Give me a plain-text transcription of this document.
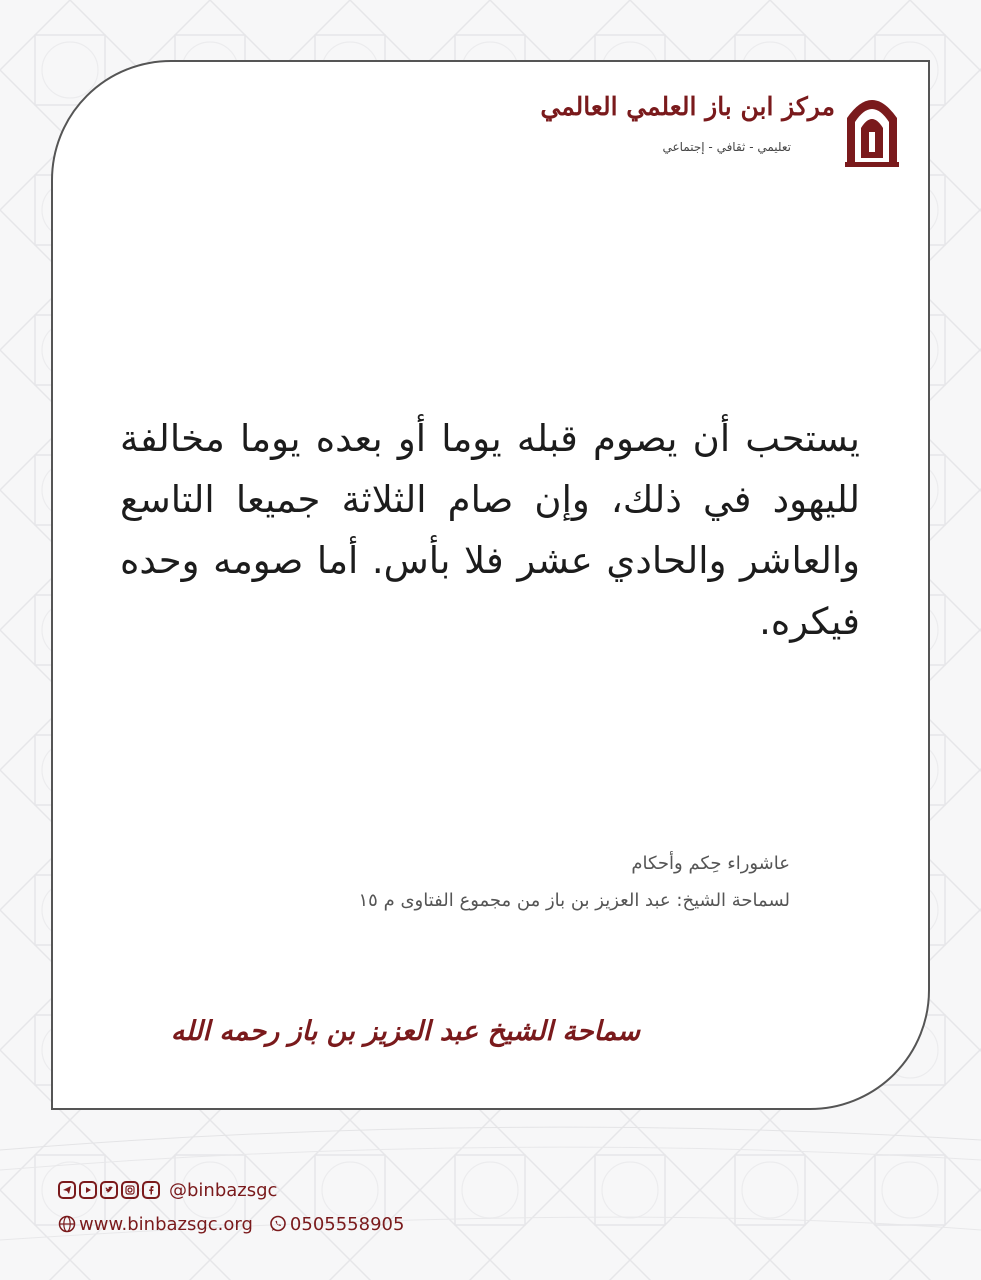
مركز ابن باز العلمي العالمي
تعليمي - ثقافي - إجتماعي
يستحب أن يصوم قبله يوما أو بعده يوما مخالفة لليهود في ذلك، وإن صام الثلاثة جميعا التاسع والعاشر والحادي عشر فلا بأس. أما صومه وحده فيكره.
عاشوراء حِكم وأحكام
لسماحة الشيخ: عبد العزيز بن باز من مجموع الفتاوى م ١٥
سماحة الشيخ عبد العزيز بن باز رحمه الله
@binbazsgc
www.binbazsgc.org 0505558905
